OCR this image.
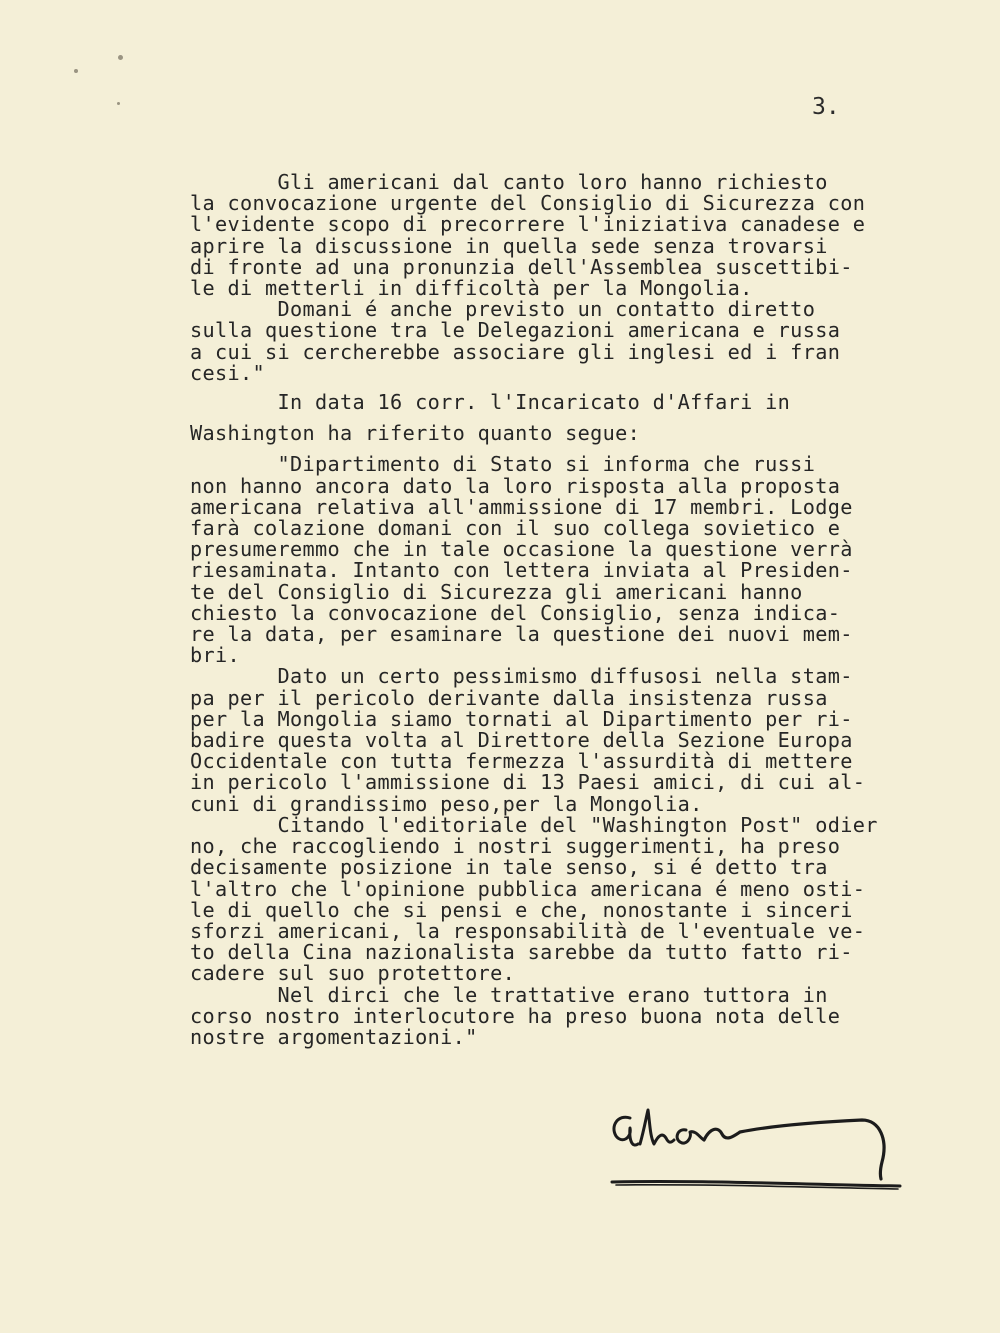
3.

Gli americani dal canto loro hanno richiesto
la convocazione urgente del Consiglio di Sicurezza con
l'evidente scopo di precorrere l'iniziativa canadese e
aprire la discussione in quella sede senza trovarsi
di fronte ad una pronunzia dell'Assemblea suscettibi-
le di metterli in difficoltà per la Mongolia.
Domani é anche previsto un contatto diretto
sulla questione tra le Delegazioni americana e russa
a cui si cercherebbe associare gli inglesi ed i fran
cesi."

In data 16 corr. l'Incaricato d'Affari in

Washington ha riferito quanto segue:

"Dipartimento di Stato si informa che russi
non hanno ancora dato la loro risposta alla proposta
americana relativa all'ammissione di 17 membri. Lodge
farà colazione domani con il suo collega sovietico e
presumeremmo che in tale occasione la questione verrà
riesaminata. Intanto con lettera inviata al Presiden-
te del Consiglio di Sicurezza gli americani hanno
chiesto la convocazione del Consiglio, senza indica-
re la data, per esaminare la questione dei nuovi mem-
bri.
Dato un certo pessimismo diffusosi nella stam-
pa per il pericolo derivante dalla insistenza russa
per la Mongolia siamo tornati al Dipartimento per ri-
badire questa volta al Direttore della Sezione Europa
Occidentale con tutta fermezza l'assurdità di mettere
in pericolo l'ammissione di 13 Paesi amici, di cui al-
cuni di grandissimo peso,per la Mongolia.
Citando l'editoriale del "Washington Post" odier
no, che raccogliendo i nostri suggerimenti, ha preso
decisamente posizione in tale senso, si é detto tra
l'altro che l'opinione pubblica americana é meno osti-
le di quello che si pensi e che, nonostante i sinceri
sforzi americani, la responsabilità de l'eventuale ve-
to della Cina nazionalista sarebbe da tutto fatto ri-
cadere sul suo protettore.
Nel dirci che le trattative erano tuttora in
corso nostro interlocutore ha preso buona nota delle
nostre argomentazioni."
